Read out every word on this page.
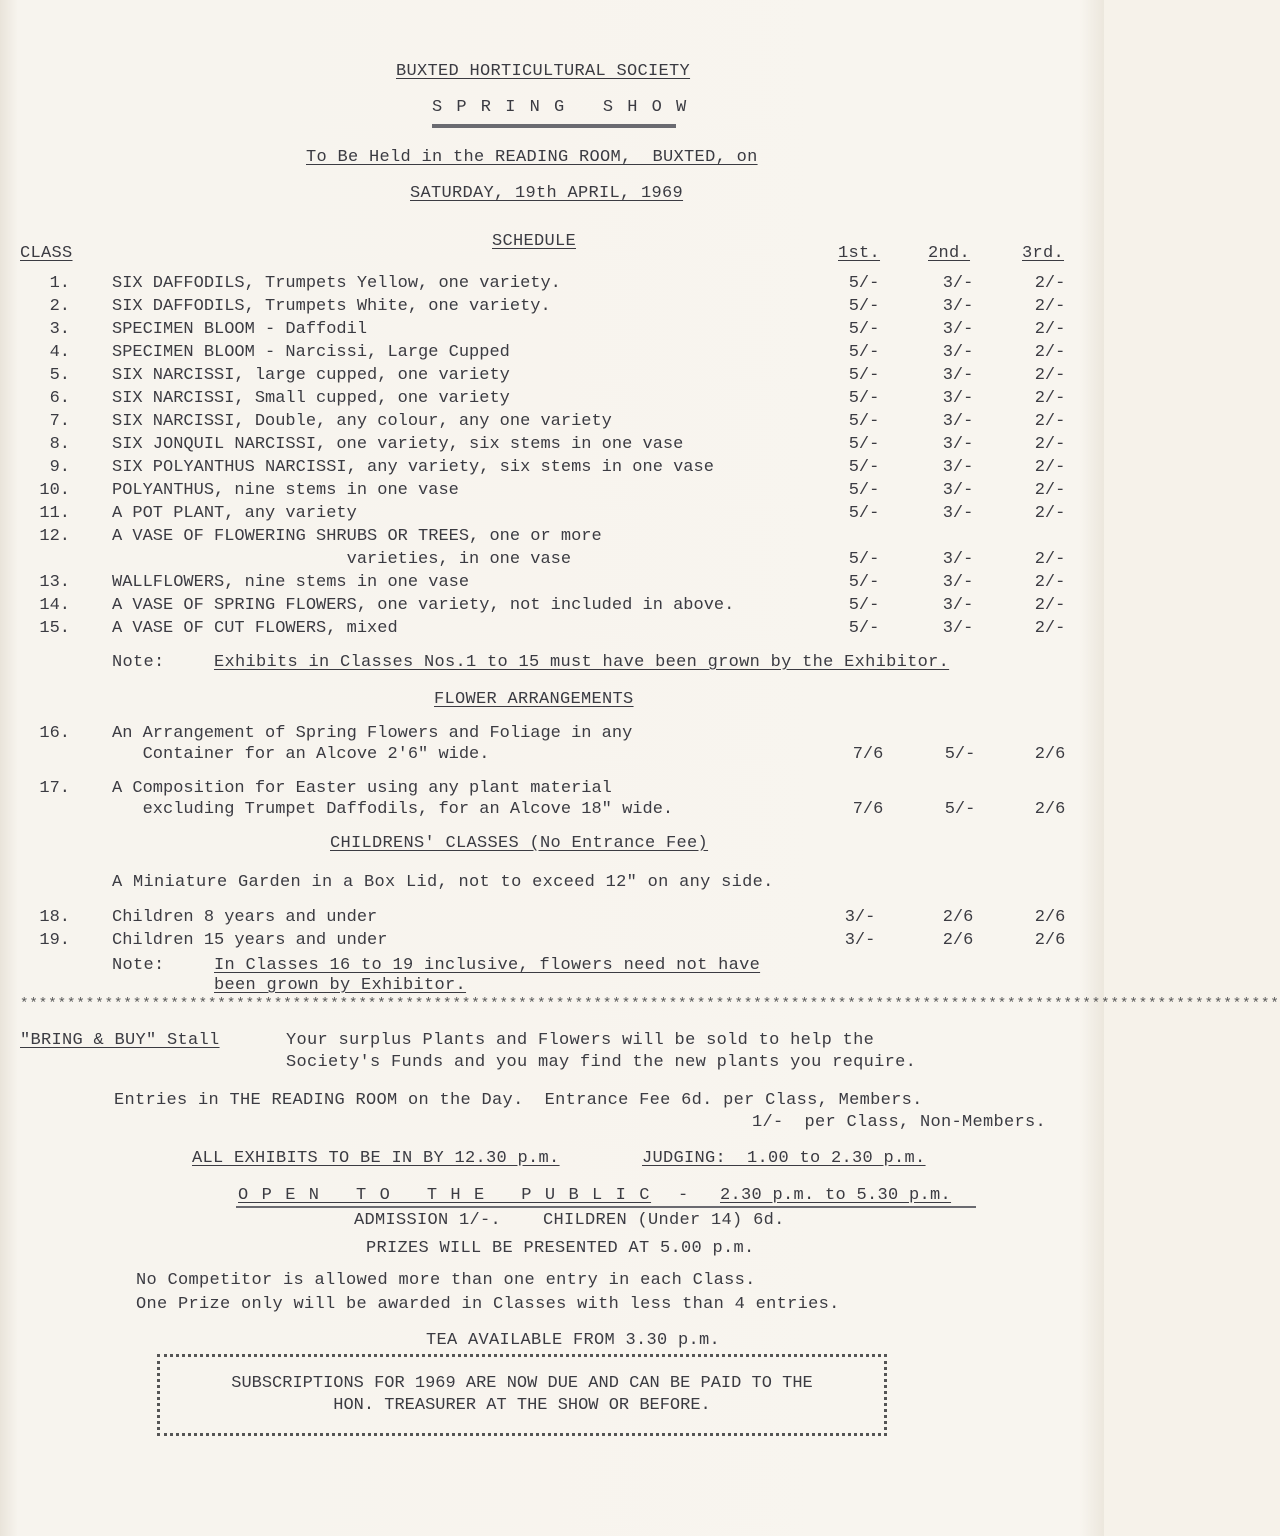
BUXTED HORTICULTURAL SOCIETY
S P R I N G   S H O W
To Be Held in the READING ROOM,  BUXTED, on
SATURDAY, 19th APRIL, 1969
CLASS
SCHEDULE
1st.	2nd.	3rd.
1. SIX DAFFODILS, Trumpets Yellow, one variety.	5/-	3/-	2/-
2. SIX DAFFODILS, Trumpets White, one variety.	5/-	3/-	2/-
3. SPECIMEN BLOOM - Daffodil	5/-	3/-	2/-
4. SPECIMEN BLOOM - Narcissi, Large Cupped	5/-	3/-	2/-
5. SIX NARCISSI, large cupped, one variety	5/-	3/-	2/-
6. SIX NARCISSI, Small cupped, one variety	5/-	3/-	2/-
7. SIX NARCISSI, Double, any colour, any one variety	5/-	3/-	2/-
8. SIX JONQUIL NARCISSI, one variety, six stems in one vase	5/-	3/-	2/-
9. SIX POLYANTHUS NARCISSI, any variety, six stems in one vase	5/-	3/-	2/-
10. POLYANTHUS, nine stems in one vase	5/-	3/-	2/-
11. A POT PLANT, any variety	5/-	3/-	2/-
12. A VASE OF FLOWERING SHRUBS OR TREES, one or more
varieties, in one vase	5/-	3/-	2/-
13. WALLFLOWERS, nine stems in one vase	5/-	3/-	2/-
14. A VASE OF SPRING FLOWERS, one variety, not included in above.	5/-	3/-	2/-
15. A VASE OF CUT FLOWERS, mixed	5/-	3/-	2/-
Note:	Exhibits in Classes Nos.1 to 15 must have been grown by the Exhibitor.
FLOWER ARRANGEMENTS
16. An Arrangement of Spring Flowers and Foliage in any
Container for an Alcove 2'6" wide.	7/6	5/-	2/6
17. A Composition for Easter using any plant material
excluding Trumpet Daffodils, for an Alcove 18" wide.	7/6	5/-	2/6
CHILDRENS' CLASSES (No Entrance Fee)
A Miniature Garden in a Box Lid, not to exceed 12" on any side.
18. Children 8 years and under	3/-	2/6	2/6
19. Children 15 years and under	3/-	2/6	2/6
Note:	In Classes 16 to 19 inclusive, flowers need not have
been grown by Exhibitor.
**************************************************************************************************************************************
"BRING & BUY" Stall	Your surplus Plants and Flowers will be sold to help the
Society's Funds and you may find the new plants you require.
Entries in THE READING ROOM on the Day.  Entrance Fee 6d. per Class, Members.
1/-  per Class, Non-Members.
ALL EXHIBITS TO BE IN BY 12.30 p.m.	JUDGING:  1.00 to 2.30 p.m.
O P E N   T O   T H E   P U B L I C - 2.30 p.m. to 5.30 p.m.
ADMISSION 1/-.    CHILDREN (Under 14) 6d.
PRIZES WILL BE PRESENTED AT 5.00 p.m.
No Competitor is allowed more than one entry in each Class.
One Prize only will be awarded in Classes with less than 4 entries.
TEA AVAILABLE FROM 3.30 p.m.
SUBSCRIPTIONS FOR 1969 ARE NOW DUE AND CAN BE PAID TO THE
HON. TREASURER AT THE SHOW OR BEFORE.
